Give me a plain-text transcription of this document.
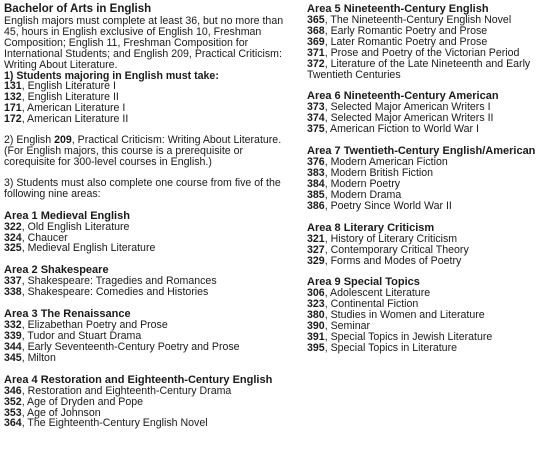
Bachelor of Arts in English

English majors must complete at least 36, but no more than 45, hours in English exclusive of English 10, Freshman Composition; English 11, Freshman Composition for International Students; and English 209, Practical Criticism: Writing About Literature.

1) Students majoring in English must take:
131, English Literature I
132, English Literature II
171, American Literature I
172, American Literature II

2) English 209, Practical Criticism: Writing About Literature. (For English majors, this course is a prerequisite or corequisite for 300-level courses in English.)

3) Students must also complete one course from five of the following nine areas:

Area 1 Medieval English
322, Old English Literature
324, Chaucer
325, Medieval English Literature
Area 2 Shakespeare
337, Shakespeare: Tragedies and Romances
338, Shakespeare: Comedies and Histories
Area 3 The Renaissance
332, Elizabethan Poetry and Prose
339, Tudor and Stuart Drama
344, Early Seventeenth-Century Poetry and Prose
345, Milton
Area 4 Restoration and Eighteenth-Century English
346, Restoration and Eighteenth-Century Drama
352, Age of Dryden and Pope
353, Age of Johnson
364, The Eighteenth-Century English Novel
Area 5 Nineteenth-Century English
365, The Nineteenth-Century English Novel
368, Early Romantic Poetry and Prose
369, Later Romantic Poetry and Prose
371, Prose and Poetry of the Victorian Period
372, Literature of the Late Nineteenth and Early Twentieth Centuries
Area 6 Nineteenth-Century American
373, Selected Major American Writers I
374, Selected Major American Writers II
375, American Fiction to World War I
Area 7 Twentieth-Century English/American
376, Modern American Fiction
383, Modern British Fiction
384, Modern Poetry
385, Modern Drama
386, Poetry Since World War II
Area 8 Literary Criticism
321, History of Literary Criticism
327, Contemporary Critical Theory
329, Forms and Modes of Poetry
Area 9 Special Topics
306, Adolescent Literature
323, Continental Fiction
380, Studies in Women and Literature
390, Seminar
391, Special Topics in Jewish Literature
395, Special Topics in Literature
